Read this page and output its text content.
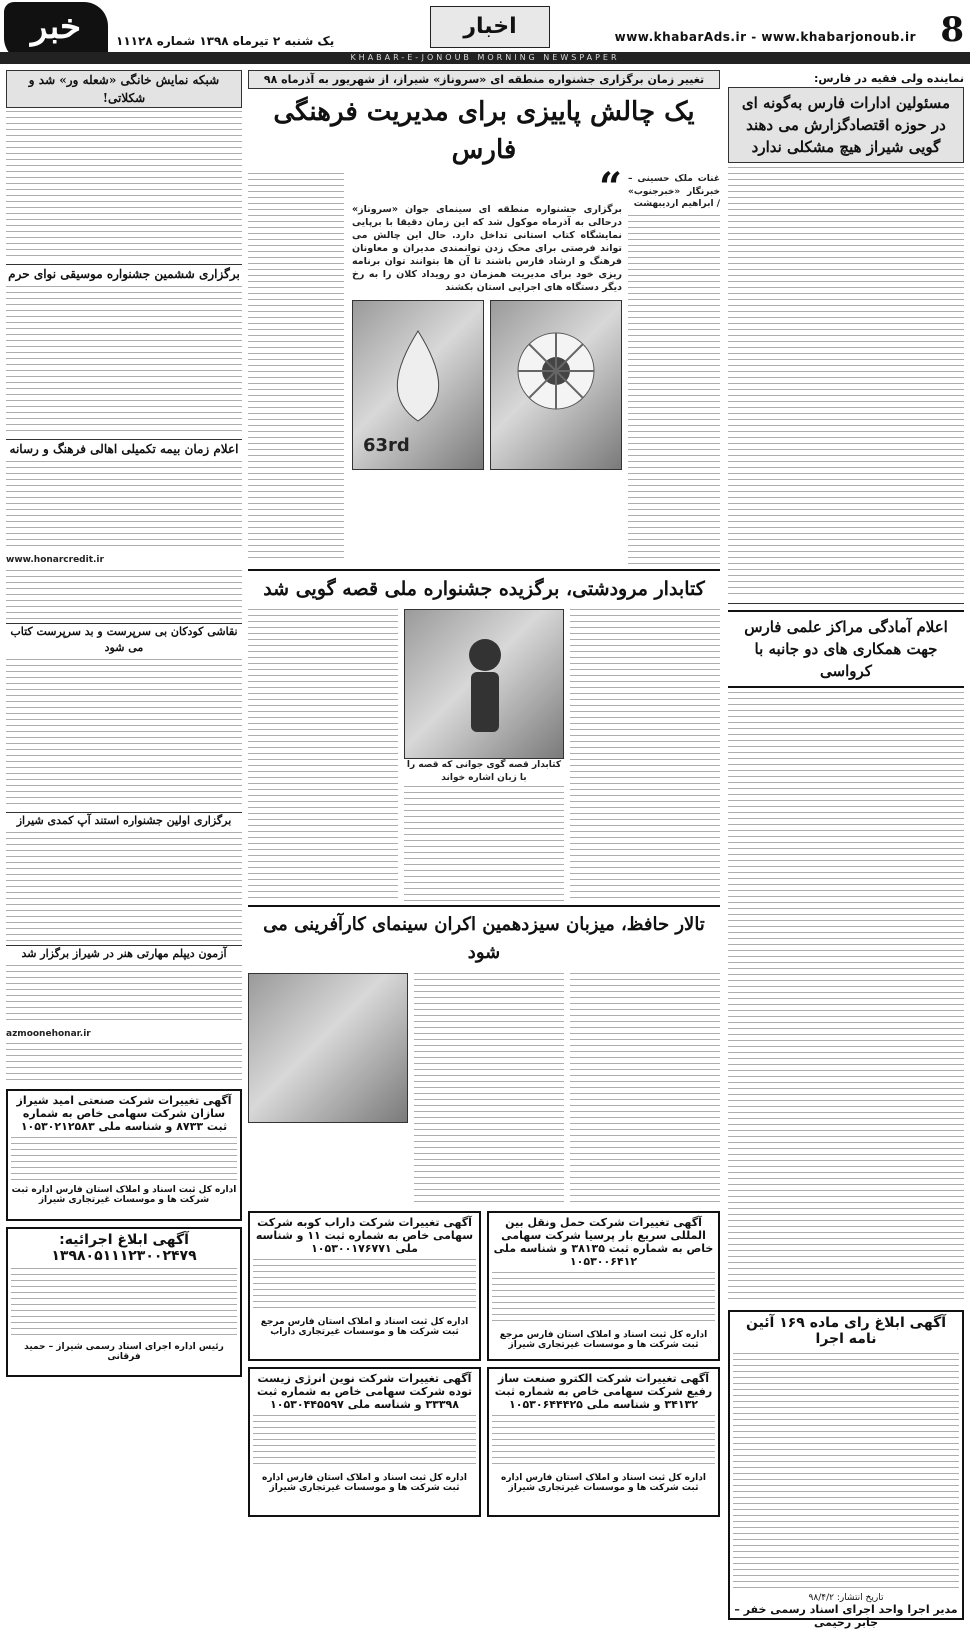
8
www.khabarAds.ir - www.khabarjonoub.ir
اخبار
یک شنبه ۲ تیرماه ۱۳۹۸ شماره ۱۱۱۲۸
خبر
KHABAR-E-JONOUB MORNING NEWSPAPER
نماینده ولی فقیه در فارس:
مسئولین ادارات فارس به‌گونه ای در حوزه اقتصادگزارش می دهند گویی شیراز هیچ مشکلی ندارد
اعلام آمادگی مراکز علمی فارس جهت همکاری های دو جانبه با کرواسی
آگهی ابلاغ رای ماده ۱۶۹ آئین نامه اجرا
تاریخ انتشار: ۹۸/۴/۲
مدیر اجرا واحد اجرای اسناد رسمی خفر – جابر رحیمی
تغییر زمان برگزاری جشنواره منطقه ای «سروناز» شیراز، از شهریور به آذرماه ۹۸
یک چالش پاییزی برای مدیریت فرهنگی فارس
غنات ملک حسینی – خبرنگار «خبرجنوب» / ابراهیم اردیبهشت
“
برگزاری جشنواره منطقه ای سینمای جوان «سروناز» درحالی به آذرماه موکول شد که این زمان دقیقا با برپایی نمایشگاه کتاب استانی تداخل دارد. حال این چالش می تواند فرصتی برای محک زدن توانمندی مدیران و معاونان فرهنگ و ارشاد فارس باشند تا آن ها بتوانند توان برنامه ریزی خود برای مدیریت همزمان دو رویداد کلان را به رخ دیگر دستگاه های اجرایی استان بکشند
63rd
کتابدار مرودشتی، برگزیده جشنواره ملی قصه گویی شد
کتابدار قصه گوی جوانی که قصه را با زبان اشاره خواند
تالار حافظ، میزبان سیزدهمین اکران سینمای کارآفرینی می شود
آگهی تغییرات شرکت حمل ونقل بین المللی سریع بار پرسیا شرکت سهامی خاص به شماره ثبت ۳۸۱۳۵ و شناسه ملی ۱۰۵۳۰۰۶۴۱۲
اداره کل ثبت اسناد و املاک استان فارس مرجع ثبت شرکت ها و موسسات غیرتجاری شیراز
آگهی تغییرات شرکت داراب کوبه شرکت سهامی خاص به شماره ثبت ۱۱ و شناسه ملی ۱۰۵۳۰۰۱۷۶۷۷۱
اداره کل ثبت اسناد و املاک استان فارس مرجع ثبت شرکت ها و موسسات غیرتجاری داراب
آگهی تغییرات شرکت الکترو صنعت ساز رفیع شرکت سهامی خاص به شماره ثبت ۳۴۱۳۲ و شناسه ملی ۱۰۵۳۰۶۴۴۴۲۵
اداره کل ثبت اسناد و املاک استان فارس اداره ثبت شرکت ها و موسسات غیرتجاری شیراز
آگهی تغییرات شرکت نوین انرژی زیست توده شرکت سهامی خاص به شماره ثبت ۳۳۳۹۸ و شناسه ملی ۱۰۵۳۰۴۴۵۵۹۷
اداره کل ثبت اسناد و املاک استان فارس اداره ثبت شرکت ها و موسسات غیرتجاری شیراز
شبکه نمایش خانگی «شعله ور» شد و شکلاتی!
برگزاری ششمین جشنواره موسیقی نوای حرم
اعلام زمان بیمه تکمیلی اهالی فرهنگ و رسانه
www.honarcredit.ir
نقاشی کودکان بی سرپرست و بد سرپرست کتاب می شود
برگزاری اولین جشنواره استند آپ کمدی شیراز
آزمون دیپلم مهارتی هنر در شیراز برگزار شد
azmoonehonar.ir
آگهی تغییرات شرکت صنعتی امید شیراز سازان شرکت سهامی خاص به شماره ثبت ۸۷۳۳ و شناسه ملی ۱۰۵۳۰۲۱۲۵۸۳
اداره کل ثبت اسناد و املاک استان فارس اداره ثبت شرکت ها و موسسات غیرتجاری شیراز
آگهی ابلاغ اجرائیه:
۱۳۹۸۰۵۱۱۱۲۳۰۰۲۴۷۹
رئیس اداره اجرای اسناد رسمی شیراز – حمید فرقانی
